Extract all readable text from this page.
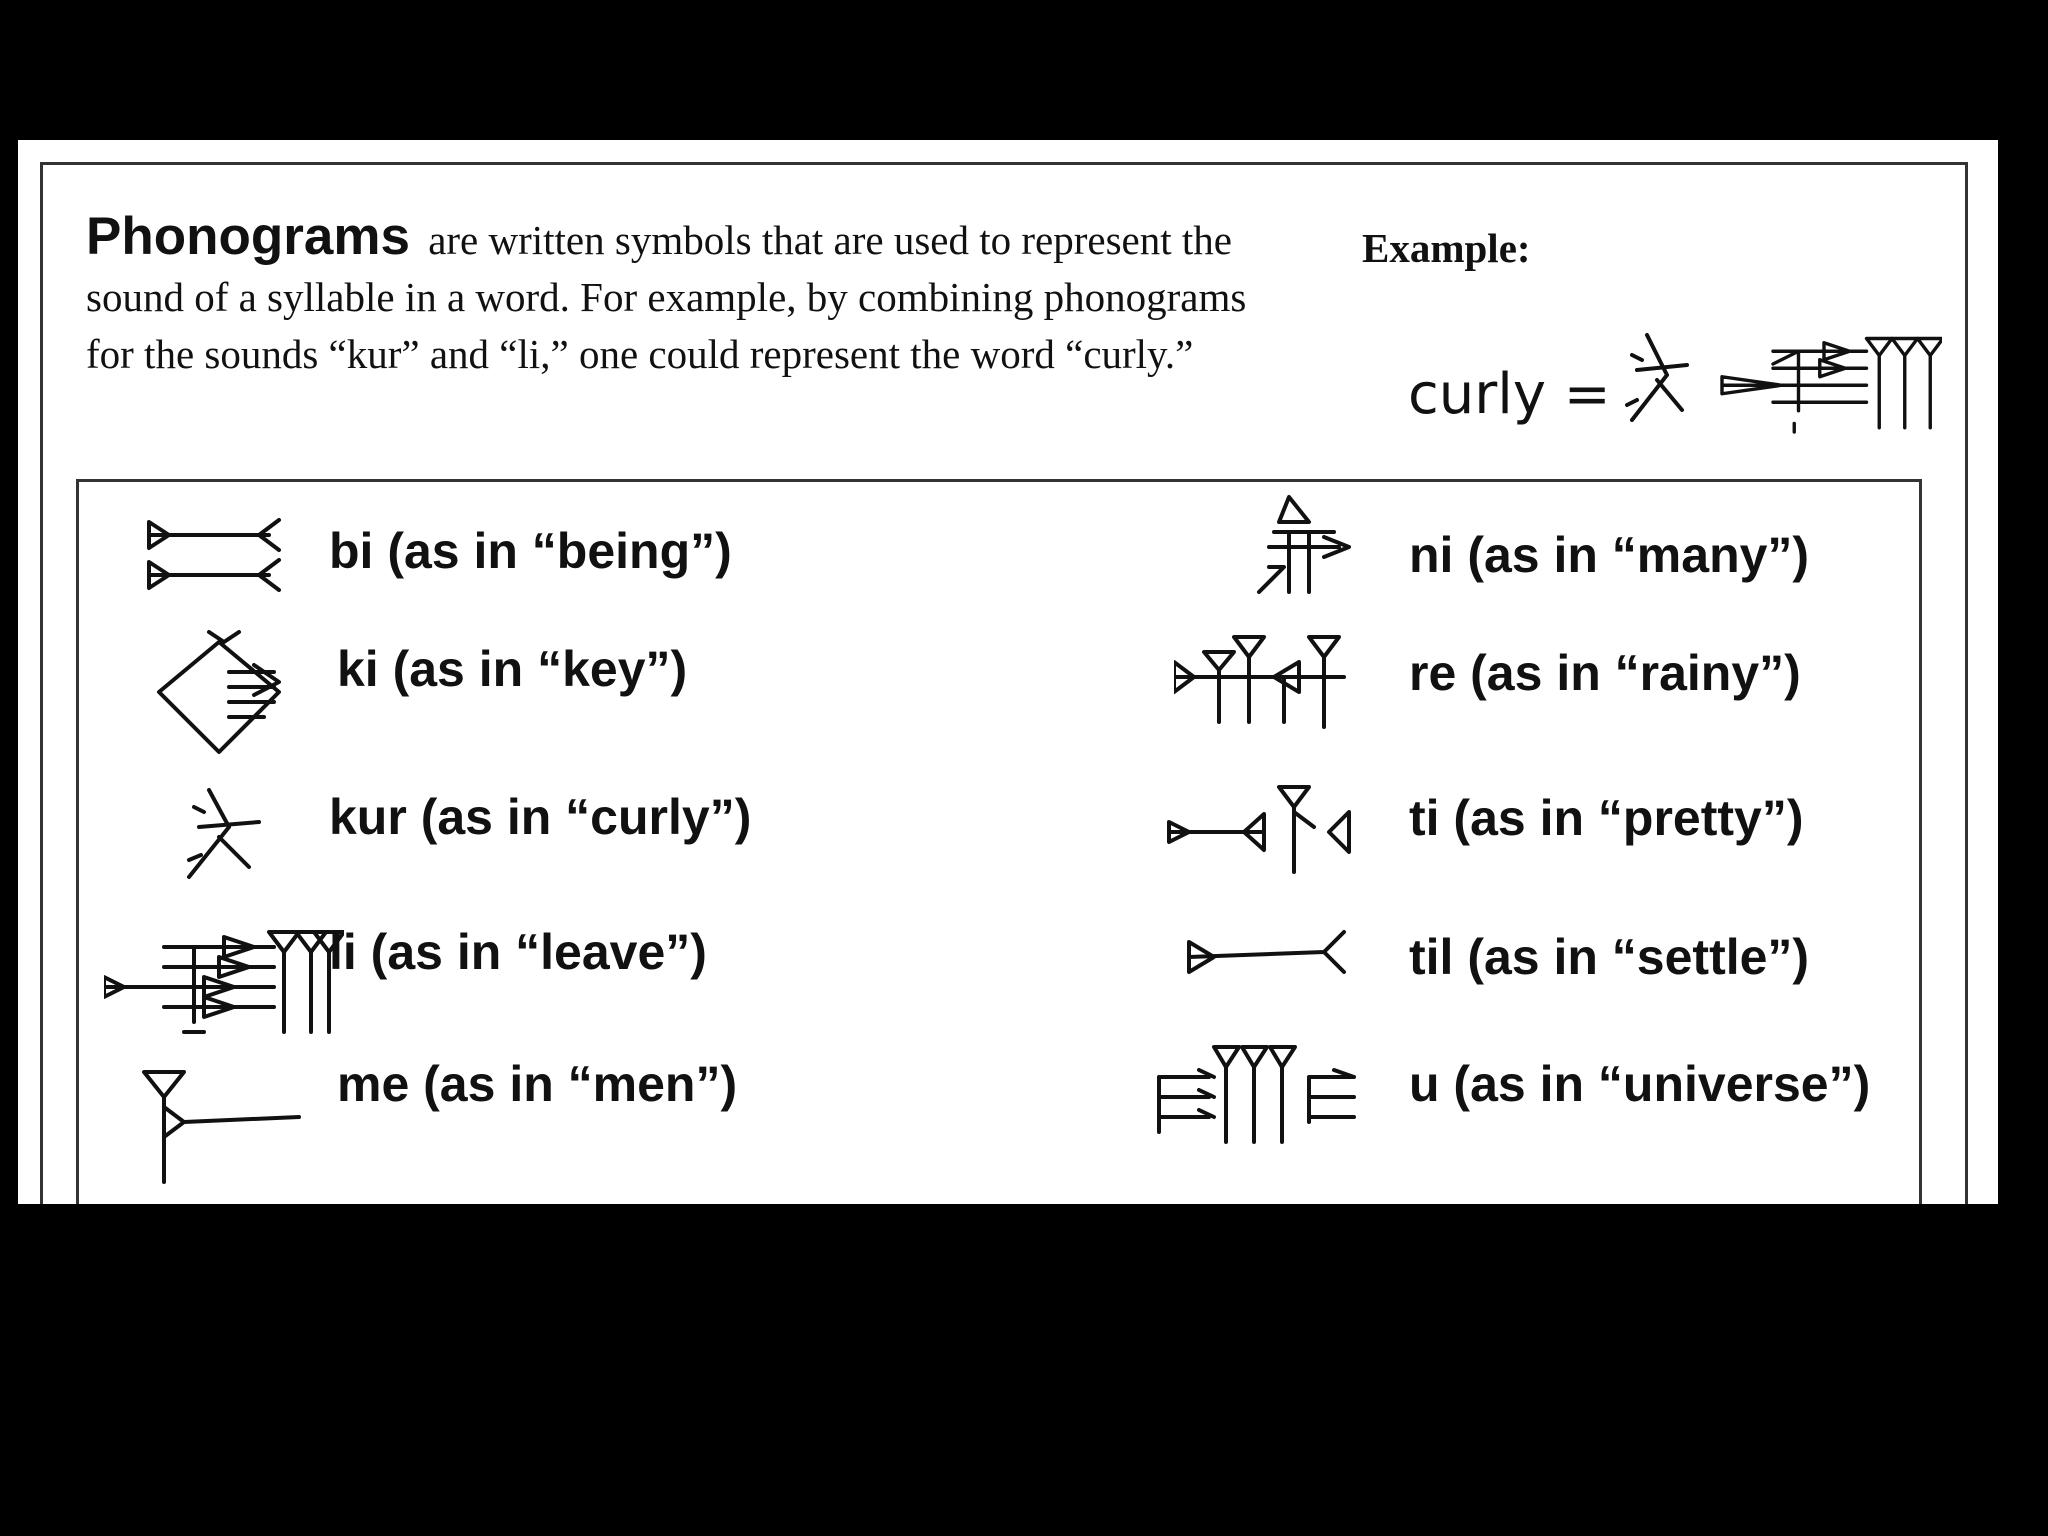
Phonograms are written symbols that are used to represent the sound of a syllable in a word. For example, by combining phonograms for the sounds “kur” and “li,” one could represent the word “curly.”
Example:
curly =
bi (as in “being”)
ki (as in “key”)
kur (as in “curly”)
li (as in “leave”)
me (as in “men”)
ni (as in “many”)
re (as in “rainy”)
ti (as in “pretty”)
til (as in “settle”)
u (as in “universe”)
